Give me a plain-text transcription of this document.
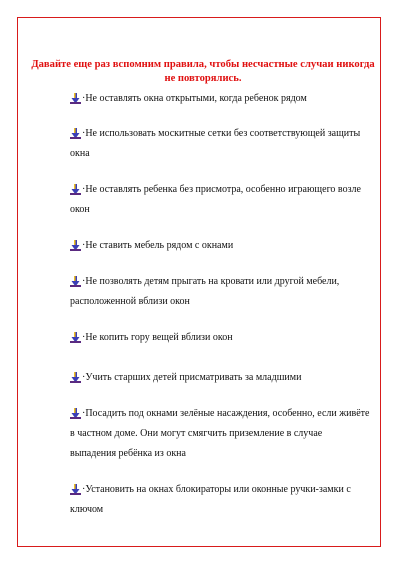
Давайте еще раз вспомним правила, чтобы несчастные случаи никогда не повторялись.

·Не оставлять окна открытыми, когда ребенок рядом
·Не использовать москитные сетки без соответствующей защиты окна
·Не оставлять ребенка без присмотра, особенно играющего возле окон
·Не ставить мебель рядом с окнами
·Не позволять детям прыгать на кровати или другой мебели, расположенной вблизи окон
·Не копить гору вещей вблизи окон
·Учить старших детей присматривать за младшими
·Посадить под окнами зелёные насаждения, особенно, если живёте в частном доме. Они могут смягчить приземление в случае выпадения ребёнка из окна
·Установить на окнах блокираторы или оконные ручки-замки с ключом
